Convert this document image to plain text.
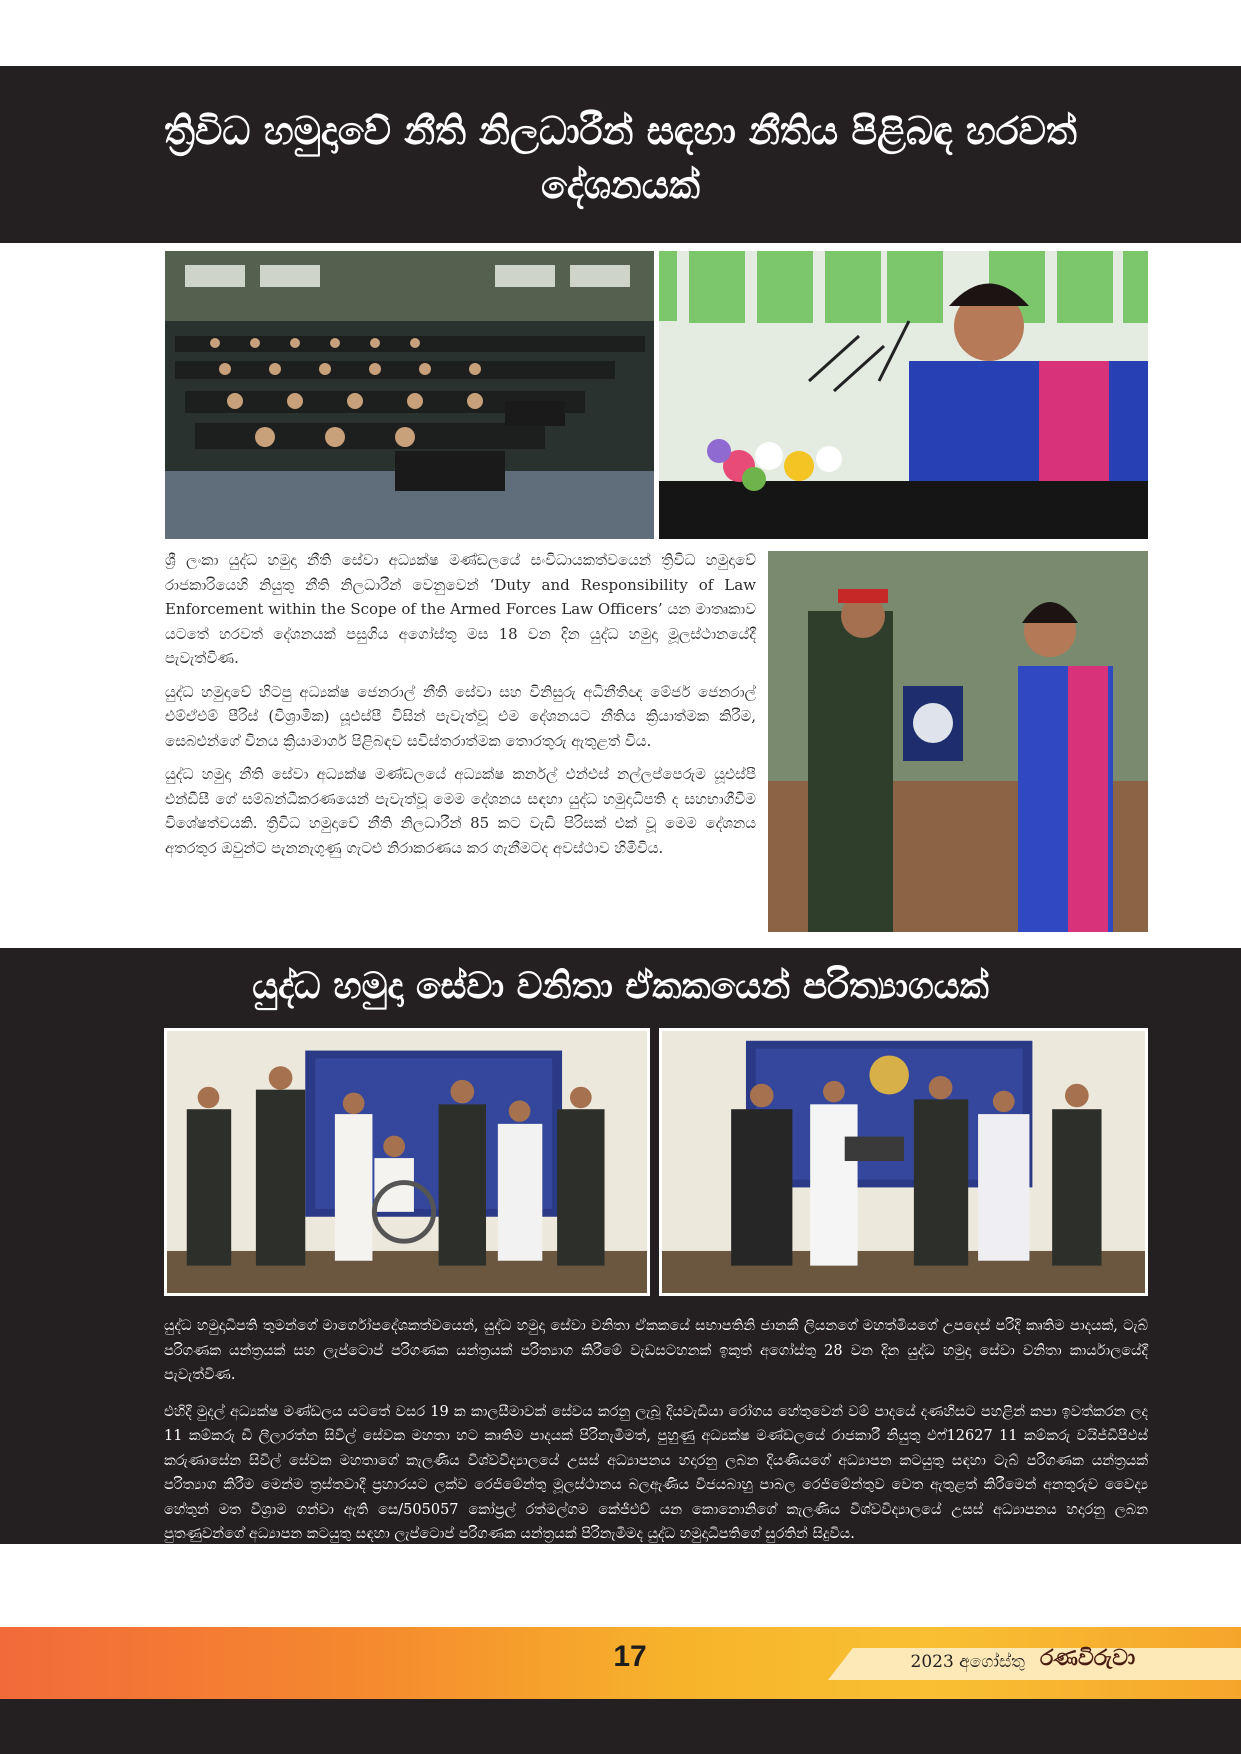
ත්‍රිවිධ හමුදාවේ නීති නිලධාරීන් සඳහා නීතිය පිළිබඳ හරවත් දේශනයක්

ශ්‍රී ලංකා යුද්ධ හමුදා නීති සේවා අධ්‍යක්ෂ මණ්ඩලයේ සංවිධායකත්වයෙන් ත්‍රිවිධ හමුදාවේ රාජකාරියෙහි නියුතු නීති නිලධාරීන් වෙනුවෙන් ‘Duty and Responsibility of Law Enforcement within the Scope of the Armed Forces Law Officers’ යන මාතෘකාව යටතේ හරවත් දේශනයක් පසුගිය අගෝස්තු මස 18 වන දින යුද්ධ හමුදා මූලස්ථානයේදී පැවැත්විණ.

යුද්ධ හමුදාවේ හිටපු අධ්‍යක්ෂ ජෙනරාල් නීති සේවා සහ විනිසුරු අධිනීතිඥ මේජර් ජෙනරාල් එම්ඒඑම් පීරිස් (විශ්‍රාමික) යූඑස්පී විසින් පැවැත්වූ එම දේශනයට නීතිය ක්‍රියාත්මක කිරීම, සෙබළුන්ගේ විනය ක්‍රියාමාර්ග පිළිබඳව සවිස්තරාත්මක තොරතුරු ඇතුළත් විය.

යුද්ධ හමුදා නීති සේවා අධ්‍යක්ෂ මණ්ඩලයේ අධ්‍යක්ෂ කර්නල් එන්එස් නල්ලප්පෙරුම යූඑස්පී එන්ඩීසී ගේ සම්බන්ධීකරණයෙන් පැවැත්වූ මෙම දේශනය සඳහා යුද්ධ හමුදාධිපති ද සහභාගීවීම විශේෂත්වයකි. ත්‍රිවිධ හමුදාවේ නීති නිලධාරීන් 85 කට වැඩි පිරිසක් එක් වූ මෙම දේශනය අතරතුර ඔවුන්ට පැනනැගුණු ගැටළු නිරාකරණය කර ගැනීමටද අවස්ථාව හිමිවිය.

යුද්ධ හමුදා සේවා වනිතා ඒකකයෙන් පරිත්‍යාගයක්

යුද්ධ හමුදාධිපති තුමන්ගේ මාර්ගෝපදේශකත්වයෙන්, යුද්ධ හමුදා සේවා වනිතා ඒකකයේ සභාපතිනි ජානකී ලියනගේ මහත්මියගේ උපදෙස් පරිදි කෘතිම පාදයක්, ටැබ් පරිගණක යන්ත්‍රයක් සහ ලැප්ටොප් පරිගණක යන්ත්‍රයක් පරිත්‍යාග කිරීමේ වැඩසටහනක් ඉකුත් අගෝස්තු 28 වන දින යුද්ධ හමුදා සේවා වනිතා කාර්යාලයේදී පැවැත්විණ.

එහිදී මුදල් අධ්‍යක්ෂ මණ්ඩලය යටතේ වසර 19 ක කාලසීමාවක් සේවය කරනු ලැබූ දියවැඩියා රෝගය හේතුවෙන් වම් පාදයේ දණහිසට පහළින් කපා ඉවත්කරන ලද 11 කම්කරු ඩී ලීලාරත්න සිවිල් සේවක මහතා හට කෘතිම පාදයක් පිරිනැමීමත්, පුහුණු අධ්‍යක්ෂ මණ්ඩලයේ රාජකාරී නියුතු එෆ්12627 11 කම්කරු වයිජ්ඩීපීඑස් කරුණාසේන සිවිල් සේවක මහතාගේ කැලණිය විශ්වවිද්‍යාලයේ උසස් අධ්‍යාපනය හදාරනු ලබන දියණියගේ අධ්‍යාපන කටයුතු සඳහා ටැබ් පරිගණක යන්ත්‍රයක් පරිත්‍යාග කිරීම මෙන්ම ත්‍රස්තවාදී ප්‍රහාරයට ලක්ව රෙජිමේන්තු මූලස්ථානය බලඇණිය විජයබාහු පාබල රෙජිමේන්තුව වෙත ඇතුළත් කිරීමෙන් අනතුරුව වෛද්‍ය හේතුන් මත විශ්‍රාම ගන්වා ඇති සෙ/505057 කෝප්‍රල් රත්මල්ගම කේජීඑච් යන කොනොනිගේ කැලණිය විශ්වවිද්‍යාලයේ උසස් අධ්‍යාපනය හදාරනු ලබන පුතණුවන්ගේ අධ්‍යාපන කටයුතු සඳහා ලැප්ටොප් පරිගණක යන්ත්‍රයක් පිරිනැමීමද යුද්ධ හමුදාධිපතිගේ සුරතින් සිදුවිය.

17	2023 අගෝස්තු රණවිරුවා
